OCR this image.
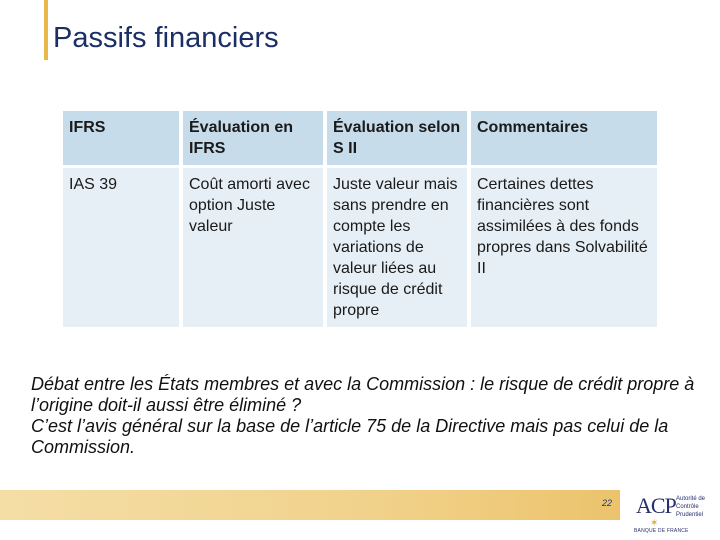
Passifs financiers
IFRS	Évaluation en IFRS	Évaluation selon S II	Commentaires
IAS 39	Coût amorti avec option Juste valeur	Juste valeur mais sans prendre en compte les variations de valeur liées au risque de crédit propre	Certaines dettes financières sont assimilées à des fonds propres dans Solvabilité II

Débat entre les États membres et avec la Commission : le risque de crédit propre à l’origine doit-il aussi être éliminé ?

C’est l’avis général sur la base de l’article 75 de la Directive mais pas celui de la Commission.

22 ACP Autorité de Contrôle Prudentiel
✶
BANQUE DE FRANCE
